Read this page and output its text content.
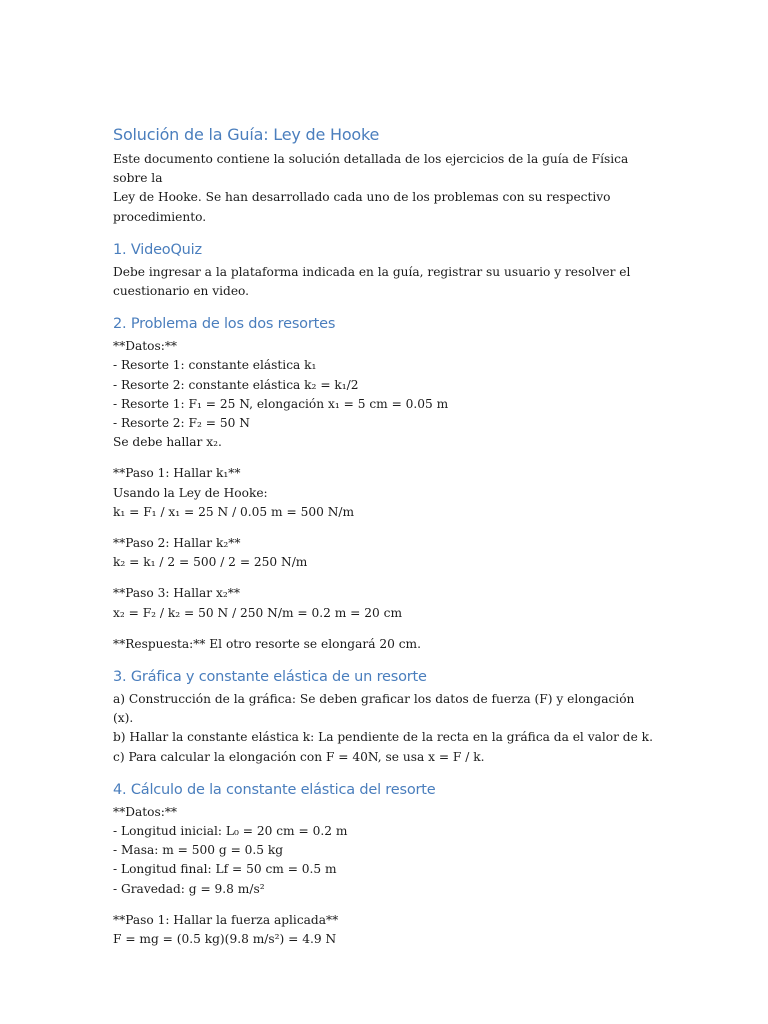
Solución de la Guía: Ley de Hooke

Este documento contiene la solución detallada de los ejercicios de la guía de Física sobre la

Ley de Hooke. Se han desarrollado cada uno de los problemas con su respectivo

procedimiento.

1. VideoQuiz

Debe ingresar a la plataforma indicada en la guía, registrar su usuario y resolver el

cuestionario en video.

2. Problema de los dos resortes

**Datos:**

- Resorte 1: constante elástica k₁

- Resorte 2: constante elástica k₂ = k₁/2

- Resorte 1: F₁ = 25 N, elongación x₁ = 5 cm = 0.05 m

- Resorte 2: F₂ = 50 N

Se debe hallar x₂.

**Paso 1: Hallar k₁**

Usando la Ley de Hooke:

k₁ = F₁ / x₁ = 25 N / 0.05 m = 500 N/m

**Paso 2: Hallar k₂**

k₂ = k₁ / 2 = 500 / 2 = 250 N/m

**Paso 3: Hallar x₂**

x₂ = F₂ / k₂ = 50 N / 250 N/m = 0.2 m = 20 cm

**Respuesta:** El otro resorte se elongará 20 cm.

3. Gráfica y constante elástica de un resorte

a) Construcción de la gráfica: Se deben graficar los datos de fuerza (F) y elongación (x).

b) Hallar la constante elástica k: La pendiente de la recta en la gráfica da el valor de k.

c) Para calcular la elongación con F = 40N, se usa x = F / k.

4. Cálculo de la constante elástica del resorte

**Datos:**

- Longitud inicial: L₀ = 20 cm = 0.2 m

- Masa: m = 500 g = 0.5 kg

- Longitud final: Lf = 50 cm = 0.5 m

- Gravedad: g = 9.8 m/s²

**Paso 1: Hallar la fuerza aplicada**

F = mg = (0.5 kg)(9.8 m/s²) = 4.9 N
